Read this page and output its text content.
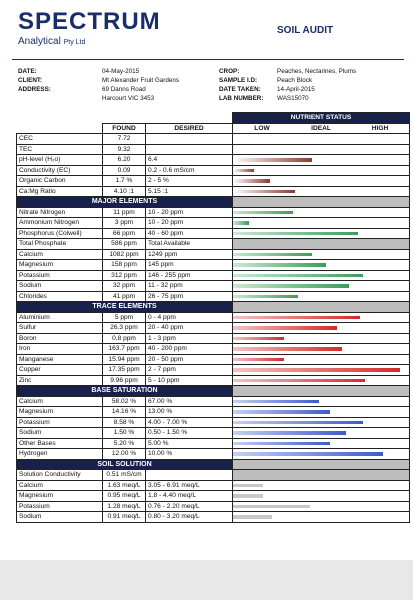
SPECTRUM
Analytical Pty Ltd
SOIL AUDIT
DATE:	04-May-2015
CLIENT:	Mt Alexander Fruit Gardens
ADDRESS:	69 Danns Road
Harcourt VIC 3453
CROP:	Peaches, Nectarines, Plums
SAMPLE I.D:	Peach Block
DATE TAKEN:	14-April-2015
LAB NUMBER: WAS15070
			NUTRIENT STATUS
	FOUND	DESIRED	LOW IDEAL HIGH

CEC	7.72		
TEC	9.32		
pH-level (H₂o)	6.20	6.4	

Conductivity (EC)	0.09	0.2 - 0.6 mS/cm	

Organic Carbon	1.7 %	2 - 5 %	

Ca:Mg Ratio	4.10 :1	5.15 :1	

MAJOR ELEMENTS			
Nitrate Nitrogen	11 ppm	10 - 20 ppm	

Ammonium Nitrogen	3 ppm	10 - 20 ppm	

Phosphorus (Colwell)	66 ppm	40 - 60 ppm	

Total Phosphate	586 ppm	Total Available	
Calcium	1082 ppm	1249 ppm	

Magnesium	158 ppm	145 ppm	

Potassium	312 ppm	146 - 255 ppm	

Sodium	32 ppm	11 - 32 ppm	

Chlorides	41 ppm	26 - 75 ppm	

TRACE ELEMENTS			
Aluminium	5 ppm	0 - 4 ppm	

Sulfur	26.3 ppm	20 - 40 ppm	

Boron	0.8 ppm	1 - 3 ppm	

Iron	163.7 ppm	40 - 200 ppm	

Manganese	15.94 ppm	20 - 50 ppm	

Copper	17.35 ppm	2 - 7 ppm	

Zinc	9.96 ppm	5 - 10 ppm	

BASE SATURATION			
Calcium	58.02 %	67.00 %	

Magnesium	14.16 %	13.00 %	

Potassium	8.58 %	4.00 - 7.00 %	

Sodium	1.50 %	0.50 - 1.50 %	

Other Bases	5.20 %	5.00 %	

Hydrogen	12.00 %	10.00 %	

SOIL SOLUTION			
Solution Conductivity	0.51 mS/cm		
Calcium	1.63 meq/L	3.05 - 6.91 meq/L	

Magnesium	0.95 meq/L	1.8 - 4.40 meq/L	

Potassium	1.28 meq/L	0.76 - 2.20 meq/L	

Sodium	0.91 meq/L	0.80 - 3.20 meq/L	
